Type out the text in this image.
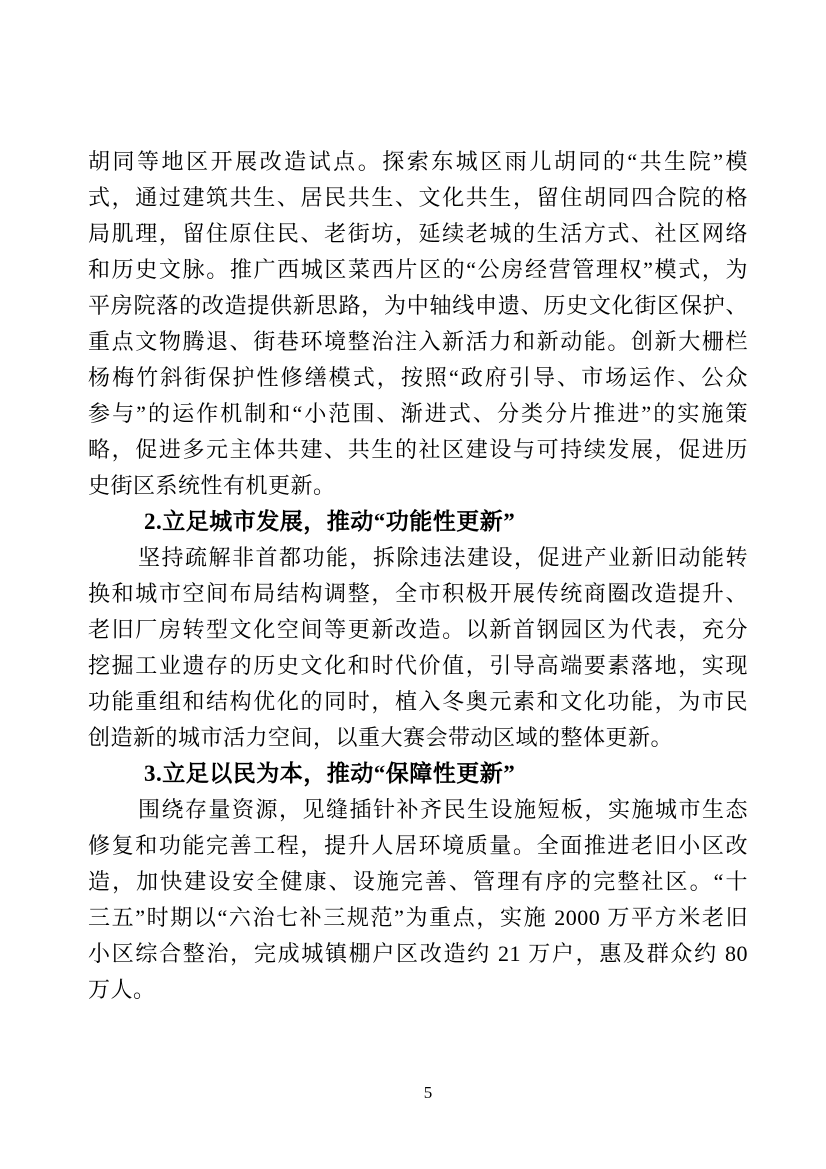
胡同等地区开展改造试点。探索东城区雨儿胡同的“共生院”模
式，通过建筑共生、居民共生、文化共生，留住胡同四合院的格
局肌理，留住原住民、老街坊，延续老城的生活方式、社区网络
和历史文脉。推广西城区菜西片区的“公房经营管理权”模式，为
平房院落的改造提供新思路，为中轴线申遗、历史文化街区保护、
重点文物腾退、街巷环境整治注入新活力和新动能。创新大栅栏
杨梅竹斜街保护性修缮模式，按照“政府引导、市场运作、公众
参与”的运作机制和“小范围、渐进式、分类分片推进”的实施策
略，促进多元主体共建、共生的社区建设与可持续发展，促进历
史街区系统性有机更新。
2.立足城市发展，推动“功能性更新”
坚持疏解非首都功能，拆除违法建设，促进产业新旧动能转
换和城市空间布局结构调整，全市积极开展传统商圈改造提升、
老旧厂房转型文化空间等更新改造。以新首钢园区为代表，充分
挖掘工业遗存的历史文化和时代价值，引导高端要素落地，实现
功能重组和结构优化的同时，植入冬奥元素和文化功能，为市民
创造新的城市活力空间，以重大赛会带动区域的整体更新。
3.立足以民为本，推动“保障性更新”
围绕存量资源，见缝插针补齐民生设施短板，实施城市生态
修复和功能完善工程，提升人居环境质量。全面推进老旧小区改
造，加快建设安全健康、设施完善、管理有序的完整社区。“十
三五”时期以“六治七补三规范”为重点，实施 2000 万平方米老旧
小区综合整治，完成城镇棚户区改造约 21 万户，惠及群众约 80
万人。
5
